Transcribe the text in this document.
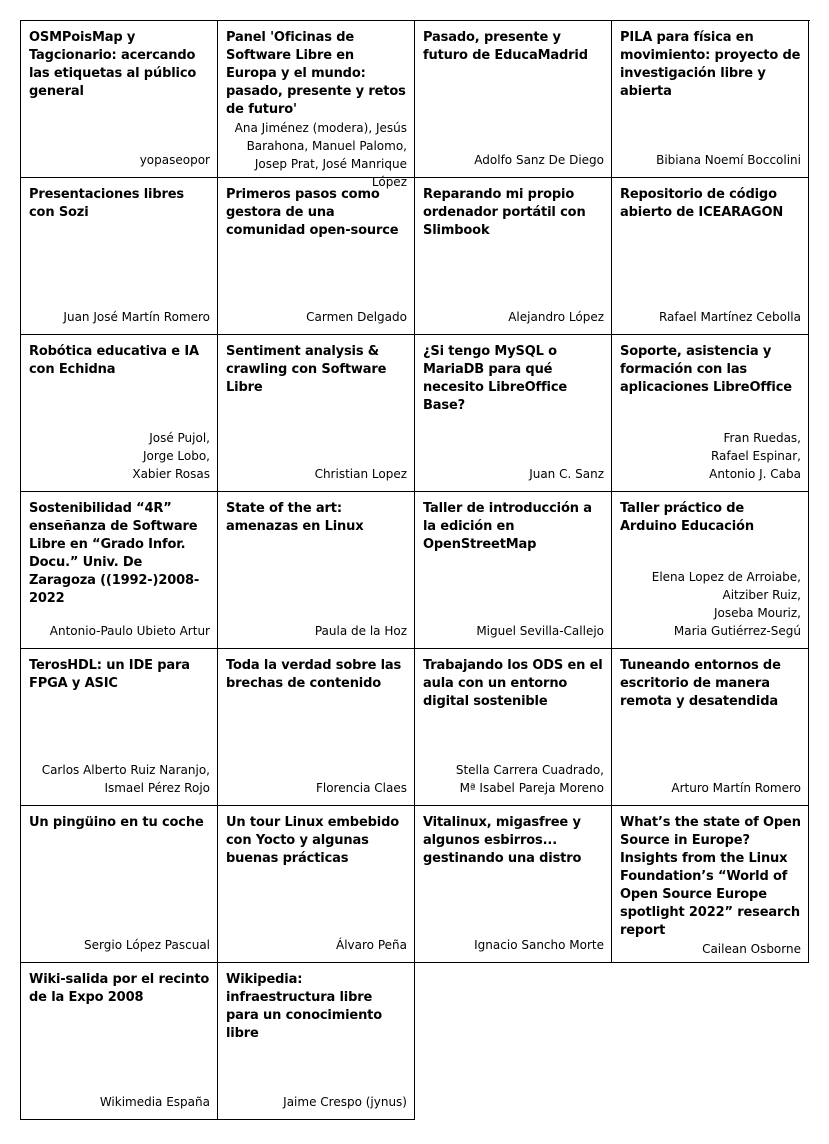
OSMPoisMap y Tagcionario: acercando las etiquetas al público general
yopaseopor
Panel 'Oficinas de Software Libre en Europa y el mundo: pasado, presente y retos de futuro'
Ana Jiménez (modera), Jesús
Barahona, Manuel Palomo,
Josep Prat, José Manrique López
Pasado, presente y futuro de EducaMadrid
Adolfo Sanz De Diego
PILA para física en movimiento: proyecto de investigación libre y abierta
Bibiana Noemí Boccolini
Presentaciones libres con Sozi
Juan José Martín Romero
Primeros pasos como gestora de una comunidad open-source
Carmen Delgado
Reparando mi propio ordenador portátil con Slimbook
Alejandro López
Repositorio de código abierto de ICEARAGON
Rafael Martínez Cebolla
Robótica educativa e IA con Echidna
José Pujol,
Jorge Lobo,
Xabier Rosas
Sentiment analysis & crawling con Software Libre
Christian Lopez
¿Si tengo MySQL o MariaDB para qué necesito LibreOffice Base?
Juan C. Sanz
Soporte, asistencia y formación con las aplicaciones LibreOffice
Fran Ruedas,
Rafael Espinar,
Antonio J. Caba
Sostenibilidad “4R” enseñanza de Software Libre en “Grado Infor. Docu.” Univ. De Zaragoza ((1992-)2008-2022
Antonio-Paulo Ubieto Artur
State of the art: amenazas en Linux
Paula de la Hoz
Taller de introducción a la edición en OpenStreetMap
Miguel Sevilla-Callejo
Taller práctico de Arduino Educación
Elena Lopez de Arroiabe,
Aitziber Ruiz,
Joseba Mouriz,
Maria Gutiérrez-Segú
TerosHDL: un IDE para FPGA y ASIC
Carlos Alberto Ruiz Naranjo,
Ismael Pérez Rojo
Toda la verdad sobre las brechas de contenido
Florencia Claes
Trabajando los ODS en el aula con un entorno digital sostenible
Stella Carrera Cuadrado,
Mª Isabel Pareja Moreno
Tuneando entornos de escritorio de manera remota y desatendida
Arturo Martín Romero
Un pingüino en tu coche
Sergio López Pascual
Un tour Linux embebido con Yocto y algunas buenas prácticas
Álvaro Peña
Vitalinux, migasfree y algunos esbirros... gestinando una distro
Ignacio Sancho Morte
What’s the state of Open Source in Europe? Insights from the Linux Foundation’s “World of Open Source Europe spotlight 2022” research report
Cailean Osborne
Wiki-salida por el recinto de la Expo 2008
Wikimedia España
Wikipedia: infraestructura libre para un conocimiento libre
Jaime Crespo (jynus)
